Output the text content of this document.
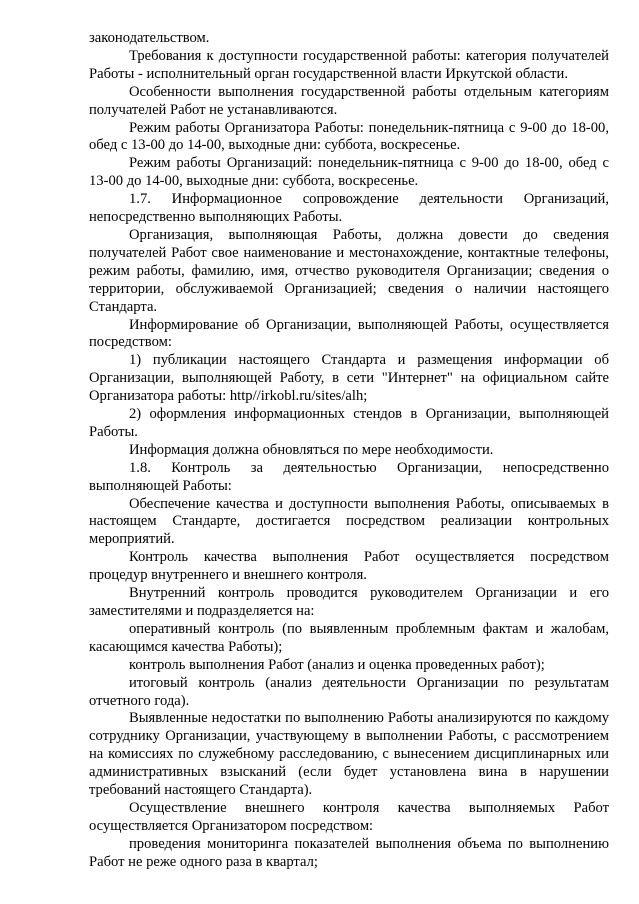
законодательством.

Требования к доступности государственной работы: категория получателей Работы - исполнительный орган государственной власти Иркутской области.

Особенности выполнения государственной работы отдельным категориям получателей Работ не устанавливаются.

Режим работы Организатора Работы: понедельник-пятница с 9-00 до 18-00, обед с 13-00 до 14-00, выходные дни: суббота, воскресенье.

Режим работы Организаций: понедельник-пятница с 9-00 до 18-00, обед с 13-00 до 14-00, выходные дни: суббота, воскресенье.

1.7. Информационное сопровождение деятельности Организаций, непосредственно выполняющих Работы.

Организация, выполняющая Работы, должна довести до сведения получателей Работ свое наименование и местонахождение, контактные телефоны, режим работы, фамилию, имя, отчество руководителя Организации; сведения о территории, обслуживаемой Организацией; сведения о наличии настоящего Стандарта.

Информирование об Организации, выполняющей Работы, осуществляется посредством:

1) публикации настоящего Стандарта и размещения информации об Организации, выполняющей Работу, в сети "Интернет" на официальном сайте Организатора работы: http//irkobl.ru/sites/alh;

2) оформления информационных стендов в Организации, выполняющей Работы.

Информация должна обновляться по мере необходимости.

1.8. Контроль за деятельностью Организации, непосредственно выполняющей Работы:

Обеспечение качества и доступности выполнения Работы, описываемых в настоящем Стандарте, достигается посредством реализации контрольных мероприятий.

Контроль качества выполнения Работ осуществляется посредством процедур внутреннего и внешнего контроля.

Внутренний контроль проводится руководителем Организации и его заместителями и подразделяется на:

оперативный контроль (по выявленным проблемным фактам и жалобам, касающимся качества Работы);

контроль выполнения Работ (анализ и оценка проведенных работ);

итоговый контроль (анализ деятельности Организации по результатам отчетного года).

Выявленные недостатки по выполнению Работы анализируются по каждому сотруднику Организации, участвующему в выполнении Работы, с рассмотрением на комиссиях по служебному расследованию, с вынесением дисциплинарных или административных взысканий (если будет установлена вина в нарушении требований настоящего Стандарта).

Осуществление внешнего контроля качества выполняемых Работ осуществляется Организатором посредством:

проведения мониторинга показателей выполнения объема по выполнению Работ не реже одного раза в квартал;
